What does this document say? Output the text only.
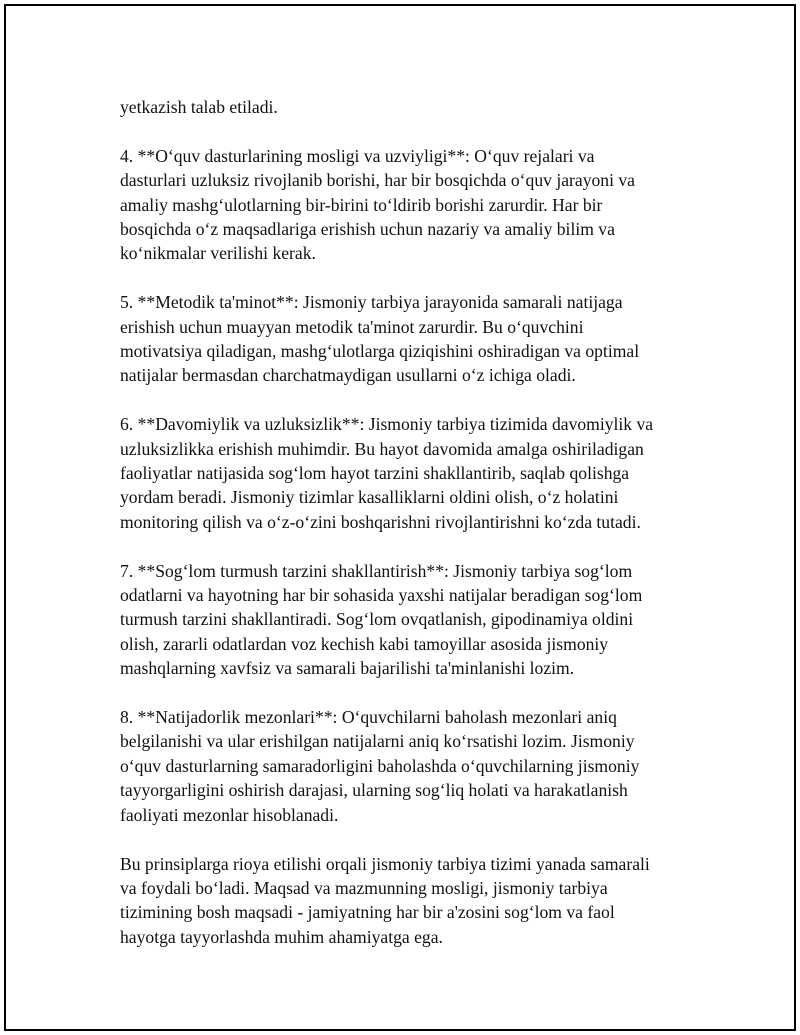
yetkazish talab etiladi.

4. **O‘quv dasturlarining mosligi va uzviyligi**: O‘quv rejalari va
dasturlari uzluksiz rivojlanib borishi, har bir bosqichda o‘quv jarayoni va
amaliy mashg‘ulotlarning bir-birini to‘ldirib borishi zarurdir. Har bir
bosqichda o‘z maqsadlariga erishish uchun nazariy va amaliy bilim va
ko‘nikmalar verilishi kerak.

5. **Metodik ta'minot**: Jismoniy tarbiya jarayonida samarali natijaga
erishish uchun muayyan metodik ta'minot zarurdir. Bu o‘quvchini
motivatsiya qiladigan, mashg‘ulotlarga qiziqishini oshiradigan va optimal
natijalar bermasdan charchatmaydigan usullarni o‘z ichiga oladi.

6. **Davomiylik va uzluksizlik**: Jismoniy tarbiya tizimida davomiylik va
uzluksizlikka erishish muhimdir. Bu hayot davomida amalga oshiriladigan
faoliyatlar natijasida sog‘lom hayot tarzini shakllantirib, saqlab qolishga
yordam beradi. Jismoniy tizimlar kasalliklarni oldini olish, o‘z holatini
monitoring qilish va o‘z-o‘zini boshqarishni rivojlantirishni ko‘zda tutadi.

7. **Sog‘lom turmush tarzini shakllantirish**: Jismoniy tarbiya sog‘lom
odatlarni va hayotning har bir sohasida yaxshi natijalar beradigan sog‘lom
turmush tarzini shakllantiradi. Sog‘lom ovqatlanish, gipodinamiya oldini
olish, zararli odatlardan voz kechish kabi tamoyillar asosida jismoniy
mashqlarning xavfsiz va samarali bajarilishi ta'minlanishi lozim.

8. **Natijadorlik mezonlari**: O‘quvchilarni baholash mezonlari aniq
belgilanishi va ular erishilgan natijalarni aniq ko‘rsatishi lozim. Jismoniy
o‘quv dasturlarning samaradorligini baholashda o‘quvchilarning jismoniy
tayyorgarligini oshirish darajasi, ularning sog‘liq holati va harakatlanish
faoliyati mezonlar hisoblanadi.

Bu prinsiplarga rioya etilishi orqali jismoniy tarbiya tizimi yanada samarali
va foydali bo‘ladi. Maqsad va mazmunning mosligi, jismoniy tarbiya
tizimining bosh maqsadi - jamiyatning har bir a'zosini sog‘lom va faol
hayotga tayyorlashda muhim ahamiyatga ega.
